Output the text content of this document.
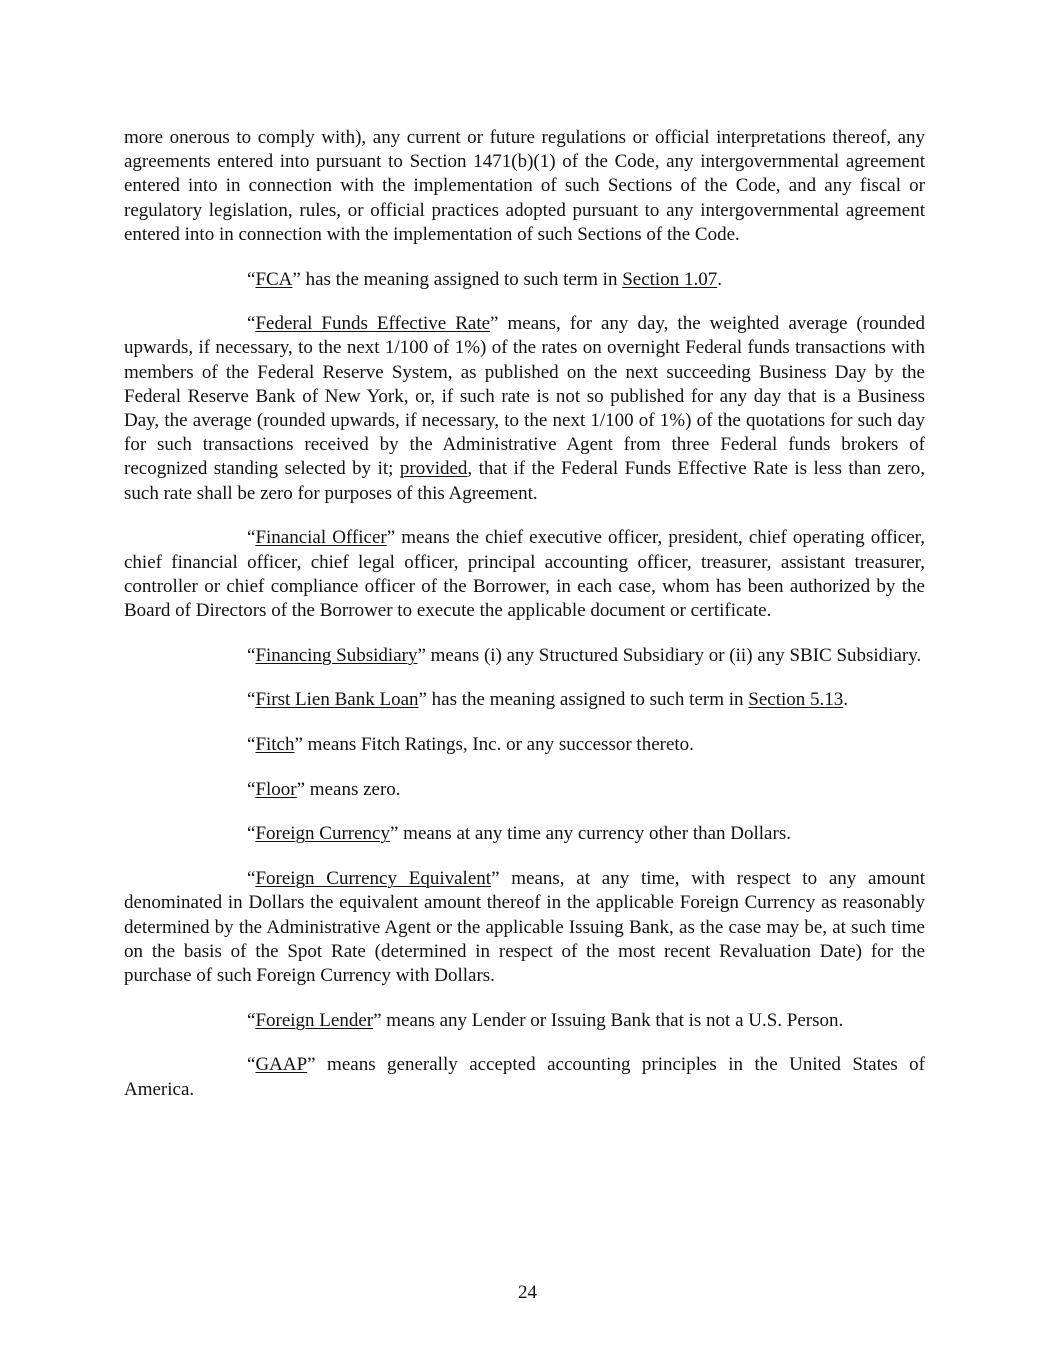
more onerous to comply with), any current or future regulations or official interpretations thereof, any agreements entered into pursuant to Section 1471(b)(1) of the Code, any intergovernmental agreement entered into in connection with the implementation of such Sections of the Code, and any fiscal or regulatory legislation, rules, or official practices adopted pursuant to any intergovernmental agreement entered into in connection with the implementation of such Sections of the Code.

“FCA” has the meaning assigned to such term in Section 1.07.

“Federal Funds Effective Rate” means, for any day, the weighted average (rounded upwards, if necessary, to the next 1/100 of 1%) of the rates on overnight Federal funds transactions with members of the Federal Reserve System, as published on the next succeeding Business Day by the Federal Reserve Bank of New York, or, if such rate is not so published for any day that is a Business Day, the average (rounded upwards, if necessary, to the next 1/100 of 1%) of the quotations for such day for such transactions received by the Administrative Agent from three Federal funds brokers of recognized standing selected by it; provided, that if the Federal Funds Effective Rate is less than zero, such rate shall be zero for purposes of this Agreement.

“Financial Officer” means the chief executive officer, president, chief operating officer, chief financial officer, chief legal officer, principal accounting officer, treasurer, assistant treasurer, controller or chief compliance officer of the Borrower, in each case, whom has been authorized by the Board of Directors of the Borrower to execute the applicable document or certificate.

“Financing Subsidiary” means (i) any Structured Subsidiary or (ii) any SBIC Subsidiary.

“First Lien Bank Loan” has the meaning assigned to such term in Section 5.13.

“Fitch” means Fitch Ratings, Inc. or any successor thereto.

“Floor” means zero.

“Foreign Currency” means at any time any currency other than Dollars.

“Foreign Currency Equivalent” means, at any time, with respect to any amount denominated in Dollars the equivalent amount thereof in the applicable Foreign Currency as reasonably determined by the Administrative Agent or the applicable Issuing Bank, as the case may be, at such time on the basis of the Spot Rate (determined in respect of the most recent Revaluation Date) for the purchase of such Foreign Currency with Dollars.

“Foreign Lender” means any Lender or Issuing Bank that is not a U.S. Person.

“GAAP” means generally accepted accounting principles in the United States of America.

24
